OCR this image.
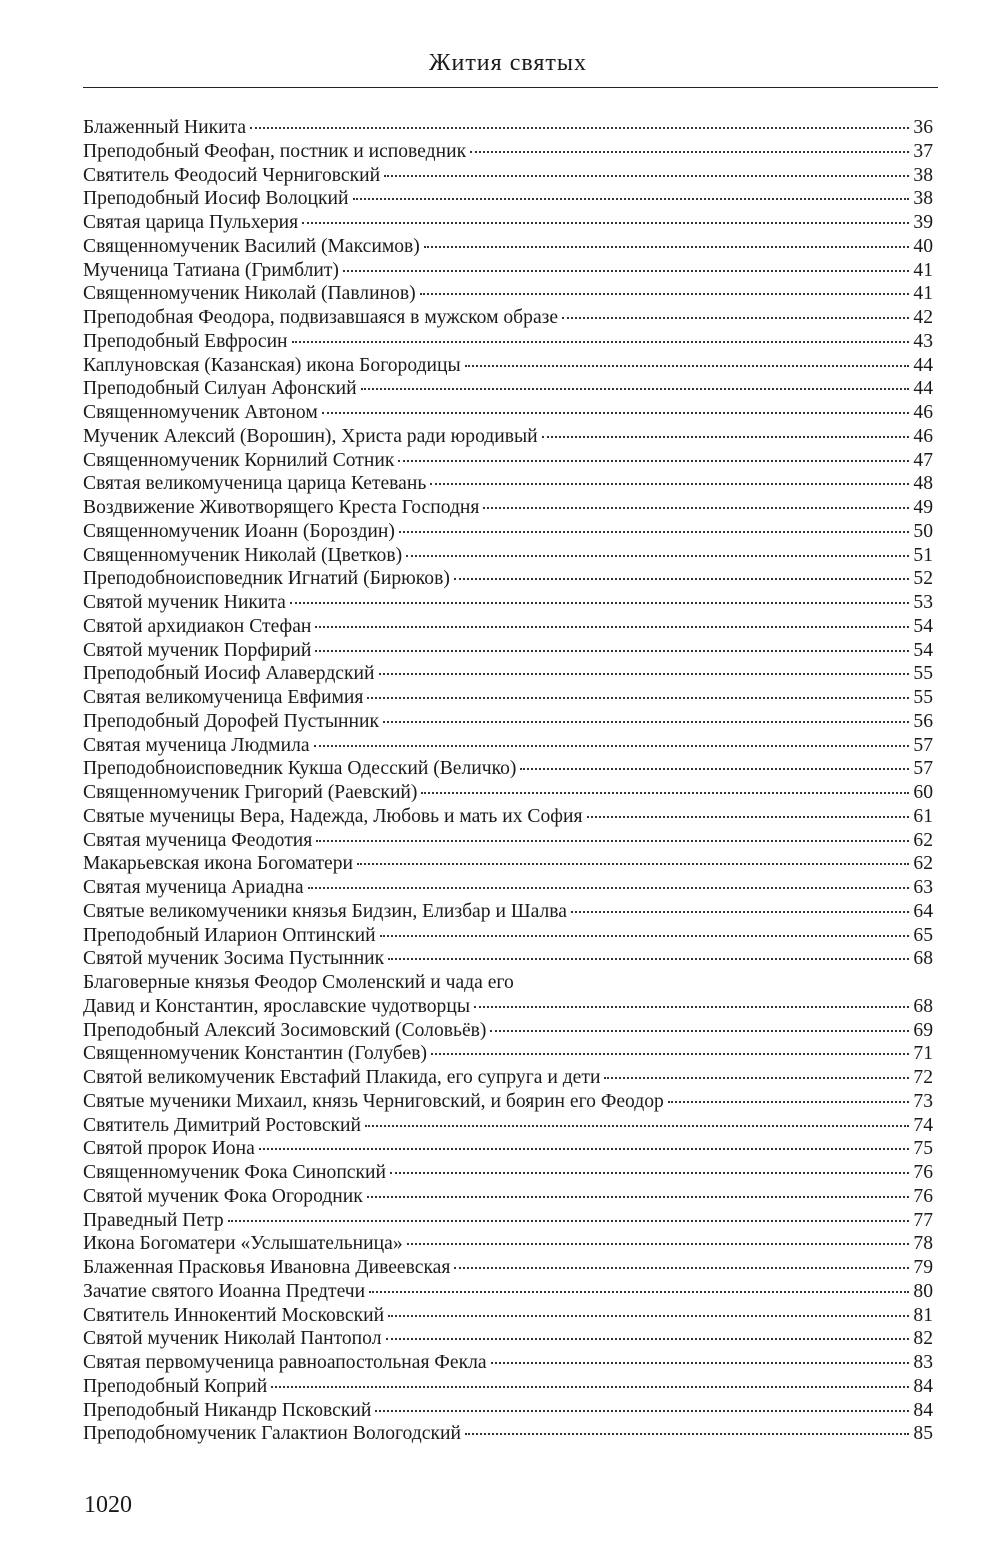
Жития святых
Блаженный Никита	36
Преподобный Феофан, постник и исповедник	37
Святитель Феодосий Черниговский	38
Преподобный Иосиф Волоцкий	38
Святая царица Пульхерия	39
Священномученик Василий (Максимов)	40
Мученица Татиана (Гримблит)	41
Священномученик Николай (Павлинов)	41
Преподобная Феодора, подвизавшаяся в мужском образе	42
Преподобный Евфросин	43
Каплуновская (Казанская) икона Богородицы	44
Преподобный Силуан Афонский	44
Священномученик Автоном	46
Мученик Алексий (Ворошин), Христа ради юродивый	46
Священномученик Корнилий Сотник	47
Святая великомученица царица Кетевань	48
Воздвижение Животворящего Креста Господня	49
Священномученик Иоанн (Бороздин)	50
Священномученик Николай (Цветков)	51
Преподобноисповедник Игнатий (Бирюков)	52
Святой мученик Никита	53
Святой архидиакон Стефан	54
Святой мученик Порфирий	54
Преподобный Иосиф Алавердский	55
Святая великомученица Евфимия	55
Преподобный Дорофей Пустынник	56
Святая мученица Людмила	57
Преподобноисповедник Кукша Одесский (Величко)	57
Священномученик Григорий (Раевский)	60
Святые мученицы Вера, Надежда, Любовь и мать их София	61
Святая мученица Феодотия	62
Макарьевская икона Богоматери	62
Святая мученица Ариадна	63
Святые великомученики князья Бидзин, Елизбар и Шалва	64
Преподобный Иларион Оптинский	65
Святой мученик Зосима Пустынник	68
Благоверные князья Феодор Смоленский и чада его
Давид и Константин, ярославские чудотворцы	68
Преподобный Алексий Зосимовский (Соловьёв)	69
Священномученик Константин (Голубев)	71
Святой великомученик Евстафий Плакида, его супруга и дети	72
Святые мученики Михаил, князь Черниговский, и боярин его Феодор	73
Святитель Димитрий Ростовский	74
Святой пророк Иона	75
Священномученик Фока Синопский	76
Святой мученик Фока Огородник	76
Праведный Петр	77
Икона Богоматери «Услышательница»	78
Блаженная Прасковья Ивановна Дивеевская	79
Зачатие святого Иоанна Предтечи	80
Святитель Иннокентий Московский	81
Святой мученик Николай Пантопол	82
Святая первомученица равноапостольная Фекла	83
Преподобный Коприй	84
Преподобный Никандр Псковский	84
Преподобномученик Галактион Вологодский	85
1020
